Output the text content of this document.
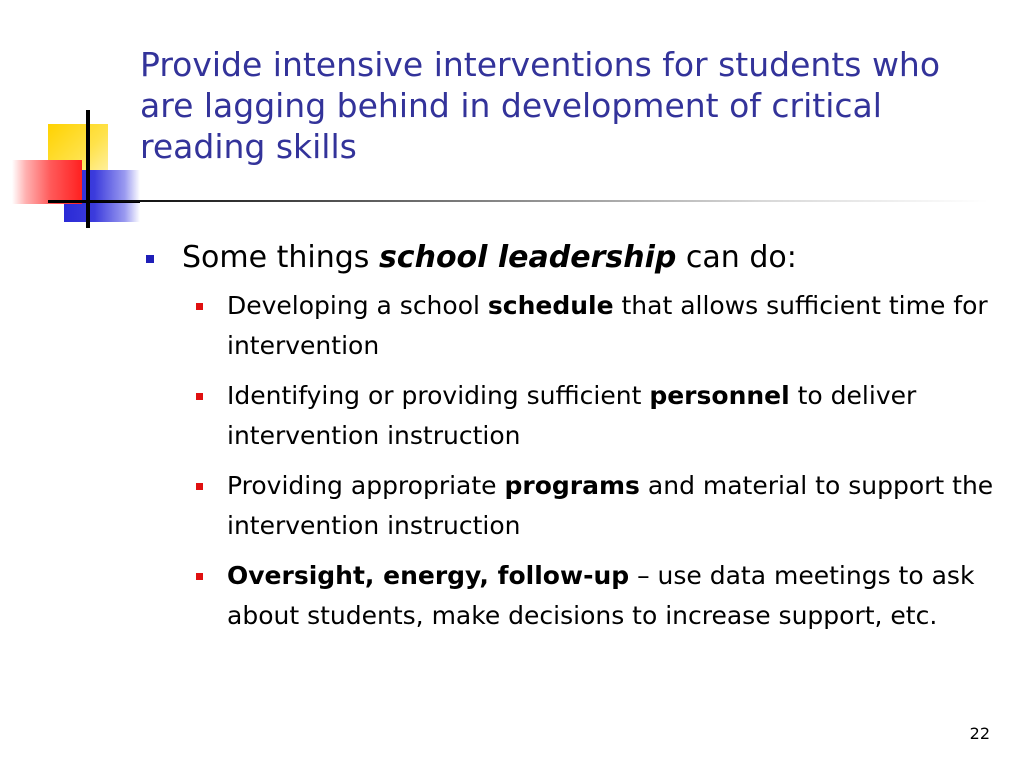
Provide intensive interventions for students who are lagging behind in development of critical reading skills
Some things school leadership can do:
Developing a school schedule that allows sufficient time for intervention
Identifying or providing sufficient personnel to deliver intervention instruction
Providing appropriate programs and material to support the intervention instruction
Oversight, energy, follow-up – use data meetings to ask about students, make decisions to increase support, etc.
22
